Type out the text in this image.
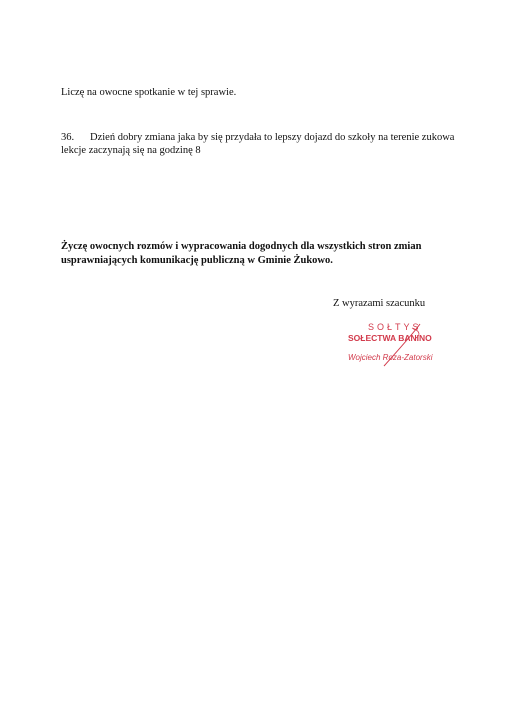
Liczę na owocne spotkanie w tej sprawie.
36. Dzień dobry zmiana jaka by się przydała to lepszy dojazd do szkoły na terenie zukowa lekcje zaczynają się na godzinę 8
Życzę owocnych rozmów i wypracowania dogodnych dla wszystkich stron zmian usprawniających komunikację publiczną w Gminie Żukowo.
Z wyrazami szacunku
SOŁTYS
SOŁECTWA BANINO
Wojciech Roza-Zatorski
